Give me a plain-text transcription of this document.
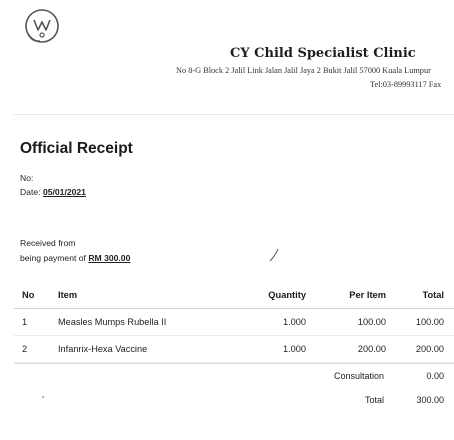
CY Child Specialist Clinic
No 8-G Block 2 Jalil Link Jalan Jalil Jaya 2 Bukit Jalil 57000 Kuala Lumpur
Tel:03-89993117 Fax
Official Receipt
No:
Date: 05/01/2021
Received from
being payment of RM 300.00
No	Item	Quantity	Per Item	Total
1	Measles Mumps Rubella II	1.000	100.00	100.00
2	Infanrix-Hexa Vaccine	1.000	200.00	200.00
Consultation	0.00
Total	300.00
